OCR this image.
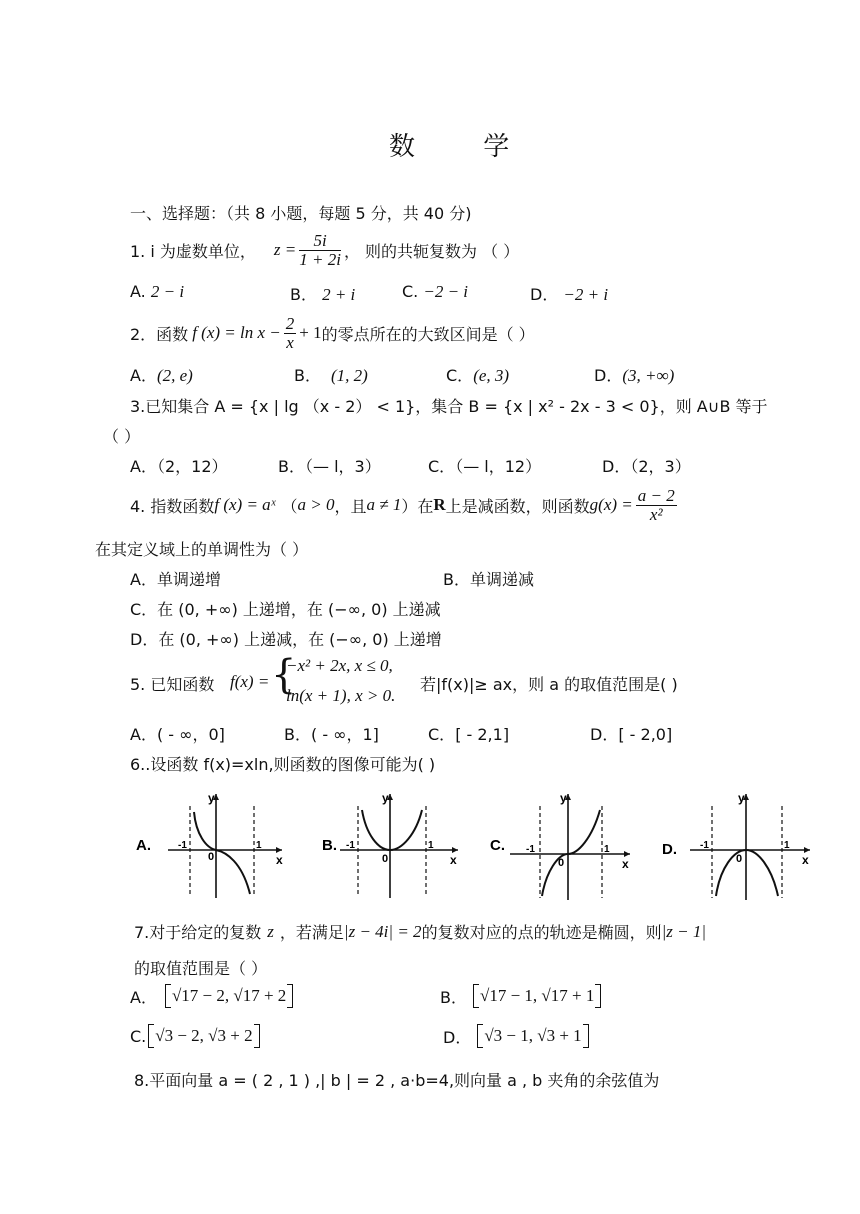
数 学
一、选择题：（共 8 小题，每题 5 分，共 40 分)
1. i 为虚数单位， $z = \frac{5i}{1 + 2i}$ ， 则的共轭复数为 （ ）
A. 2 − i	B． 2 + i	C. −2 − i	D． −2 + i
2．函数 f $(x) = \ln x - \frac{2}{x} + 1$ 的零点所在的大致区间是（ ）
A．(2, e)	B． (1, 2)	C．(e, 3)	D．(3, +∞)
3.已知集合 A = {x | lg （x - 2） < 1}，集合 B = {x | x² - 2x - 3 < 0}，则 A∪B 等于
（ ）
A．（2，12）	B．（— l，3）	C．（— l，12）	D．（2，3）
4. 指数函数 f (x) = aˣ （ a > 0 ，且 a ≠ 1 ）在 R 上是减函数，则函数 $g(x) = \frac{a - 2}{\text{x²}}$
在其定义域上的单调性为（ ）
A．单调递增	B．单调递减
C．在 (0, +∞) 上递增，在 (−∞, 0) 上递减
D．在 (0, +∞) 上递减，在 (−∞, 0) 上递增
5. 已知函数 f(x) = {
−x² + 2x, x ≤ 0,
ln(x + 1), x > 0.
若|f(x)|≥ ax，则 a 的取值范围是( )
A．( - ∞，0]	B．( - ∞，1]	C．[ - 2,1]	D．[ - 2,0]
6..设函数 f(x)=xln,则函数的图像可能为( )
A.
y
x
0
-1	1	B.
y
x
0
-1	1	C.
y
x
0
-1	1	D.
y
x
0
-1	1
7.对于给定的复数 z ，若满足 |z − 4i| = 2 的复数对应的点的轨迹是椭圆，则 |z − 1|
的取值范围是（ ）
A． √17 − 2, √17 + 2	B． √17 − 1, √17 + 1
C. √3 − 2, √3 + 2	D． √3 − 1, √3 + 1
8.平面向量 a = ( 2 , 1 ) ,| b | = 2 , a·b=4,则向量 a , b 夹角的余弦值为
